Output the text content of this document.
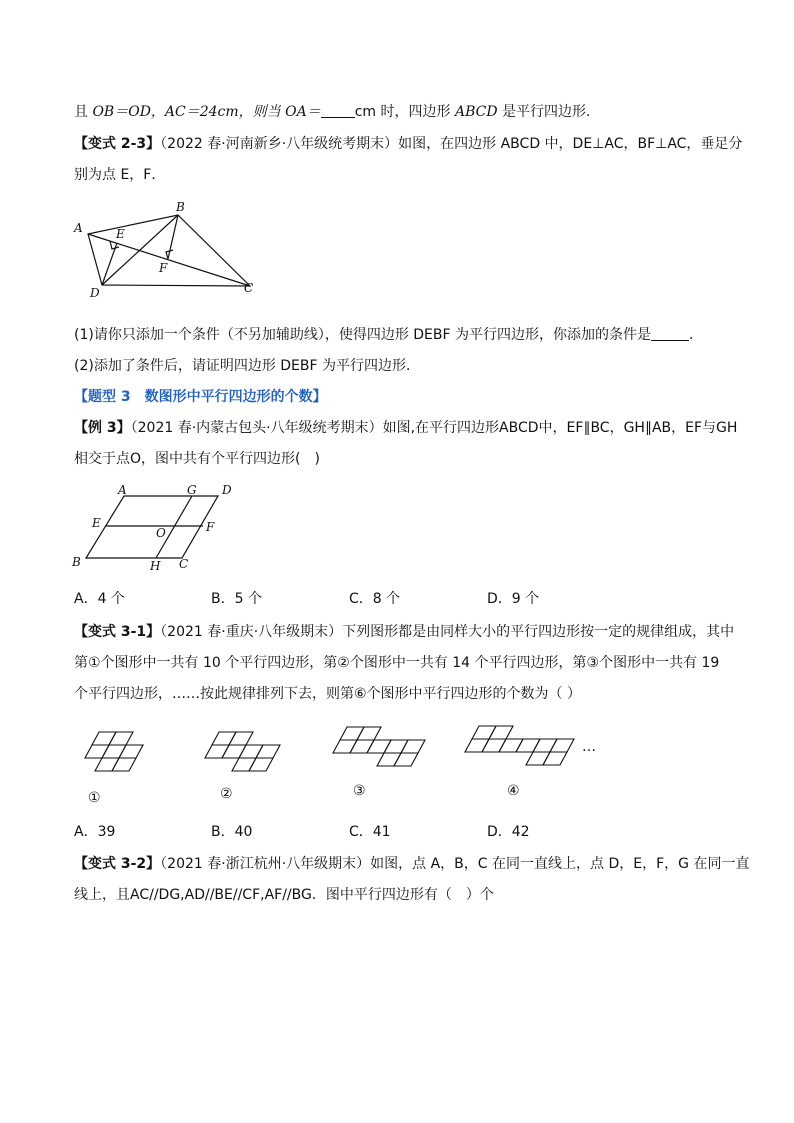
且 OB＝OD，AC＝24cm，则当 OA＝ cm 时，四边形 ABCD 是平行四边形．
【变式 2-3】（2022 春·河南新乡·八年级统考期末）如图，在四边形 ABCD 中，DE⊥AC，BF⊥AC，垂足分
别为点 E，F．
A
B
C
D
E
F
(1)请你只添加一个条件（不另加辅助线），使得四边形 DEBF 为平行四边形，你添加的条件是	．
(2)添加了条件后，请证明四边形 DEBF 为平行四边形．
【题型 3　数图形中平行四边形的个数】
【例 3】（2021 春·内蒙古包头·八年级统考期末）如图,在平行四边形ABCD中，EF∥BC，GH∥AB，EF与GH
相交于点O，图中共有个平行四边形(　)
A	G D
E
O	F
B	H C
A．4 个	B．5 个	C．8 个	D．9 个
【变式 3-1】（2021 春·重庆·八年级期末）下列图形都是由同样大小的平行四边形按一定的规律组成，其中
第①个图形中一共有 10 个平行四边形，第②个图形中一共有 14 个平行四边形，第③个图形中一共有 19
个平行四边形，……按此规律排列下去，则第⑥个图形中平行四边形的个数为（ ）
①	②	③	④
…
A．39	B．40	C．41	D．42
【变式 3-2】（2021 春·浙江杭州·八年级期末）如图，点 A，B，C 在同一直线上，点 D，E，F，G 在同一直
线上，且AC//DG,AD//BE//CF,AF//BG．图中平行四边形有（　）个
